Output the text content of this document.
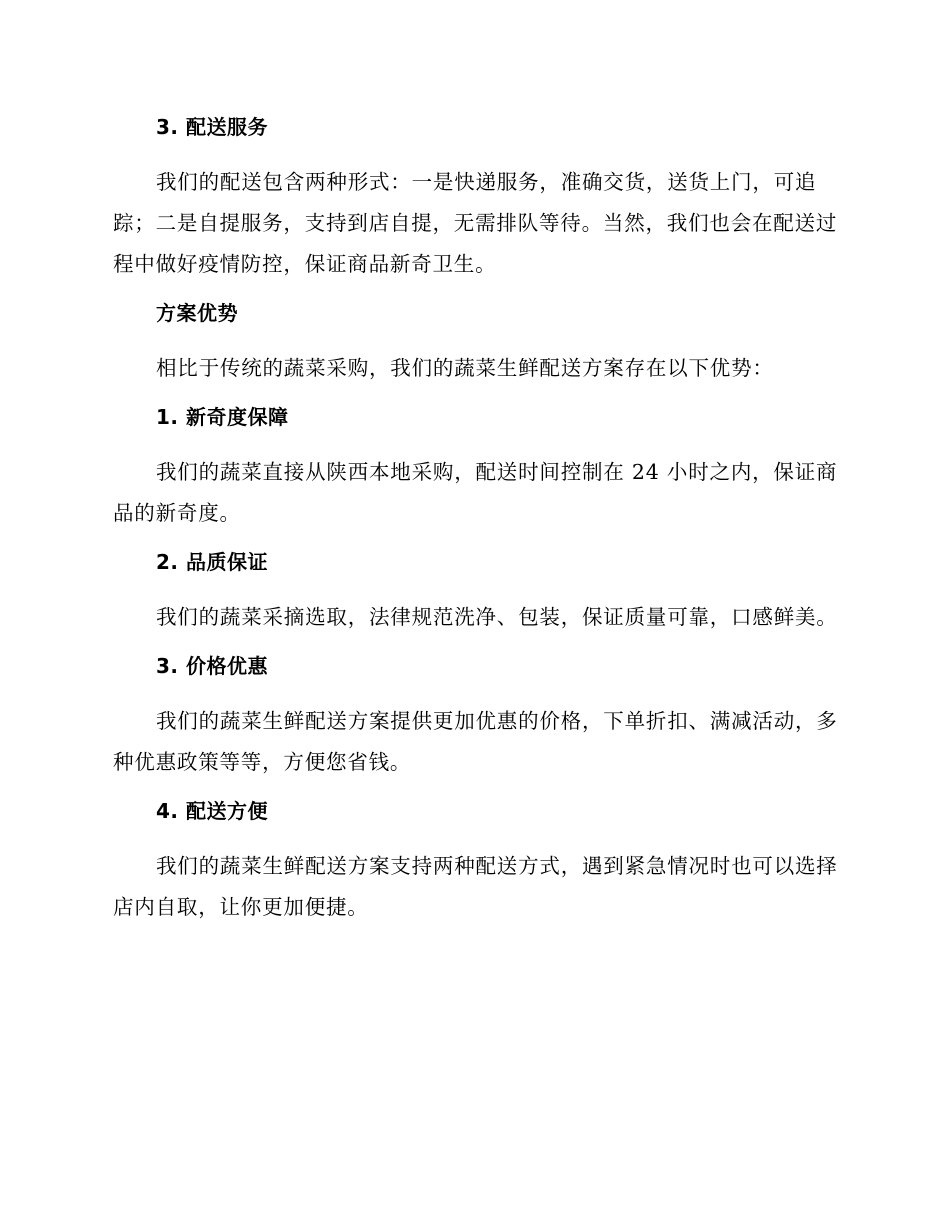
3. 配送服务

我们的配送包含两种形式：一是快递服务，准确交货，送货上门，可追踪；二是自提服务，支持到店自提，无需排队等待。当然，我们也会在配送过程中做好疫情防控，保证商品新奇卫生。

方案优势

相比于传统的蔬菜采购，我们的蔬菜生鲜配送方案存在以下优势：

1. 新奇度保障

我们的蔬菜直接从陕西本地采购，配送时间控制在 24 小时之内，保证商品的新奇度。

2. 品质保证

我们的蔬菜采摘选取，法律规范洗净、包装，保证质量可靠，口感鲜美。

3. 价格优惠

我们的蔬菜生鲜配送方案提供更加优惠的价格，下单折扣、满减活动，多种优惠政策等等，方便您省钱。

4. 配送方便

我们的蔬菜生鲜配送方案支持两种配送方式，遇到紧急情况时也可以选择店内自取，让你更加便捷。
